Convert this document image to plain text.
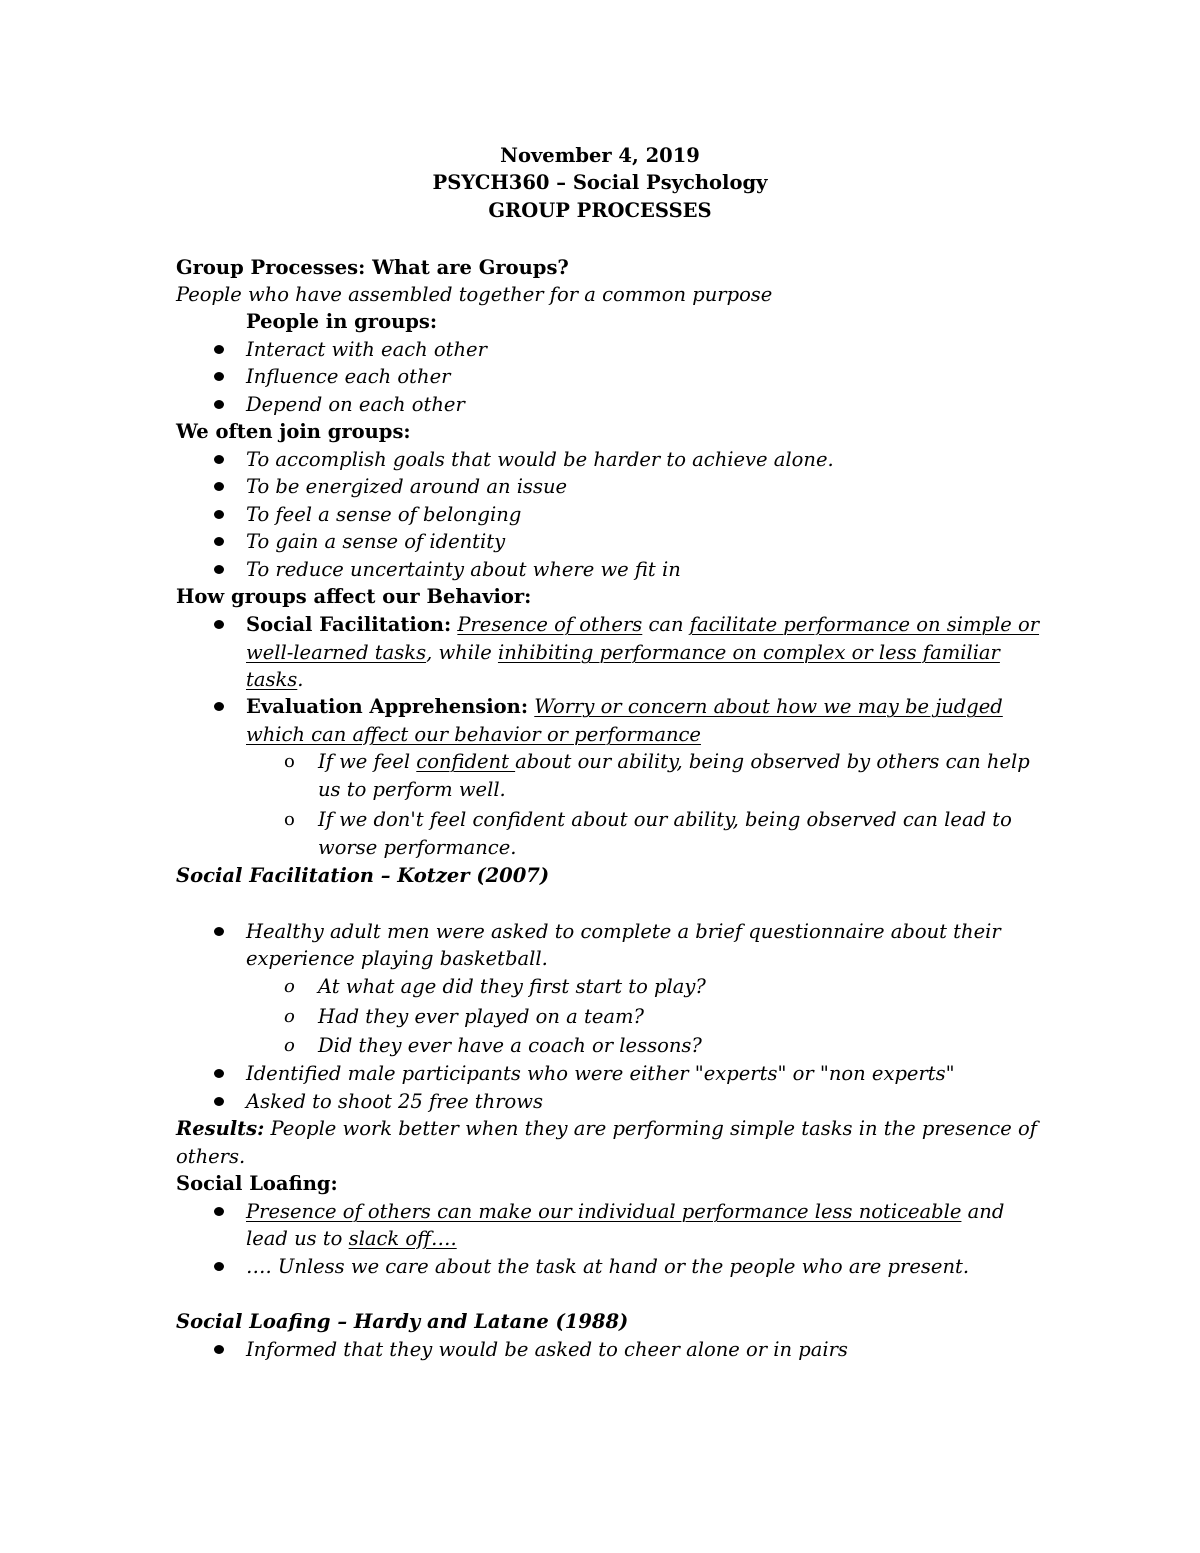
November 4, 2019
PSYCH360 – Social Psychology
GROUP PROCESSES
Group Processes: What are Groups?
People who have assembled together for a common purpose
People in groups:
Interact with each other
Influence each other
Depend on each other
We often join groups:
To accomplish goals that would be harder to achieve alone.
To be energized around an issue
To feel a sense of belonging
To gain a sense of identity
To reduce uncertainty about where we fit in
How groups affect our Behavior:
Social Facilitation: Presence of others can facilitate performance on simple or
well-learned tasks, while inhibiting performance on complex or less familiar
tasks.
Evaluation Apprehension: Worry or concern about how we may be judged
which can affect our behavior or performance
o If we feel confident about our ability, being observed by others can help
us to perform well.
o If we don't feel confident about our ability, being observed can lead to
worse performance.
Social Facilitation – Kotzer (2007)
Healthy adult men were asked to complete a brief questionnaire about their
experience playing basketball.
o At what age did they first start to play?
o Had they ever played on a team?
o Did they ever have a coach or lessons?
Identified male participants who were either "experts" or "non experts"
Asked to shoot 25 free throws
Results: People work better when they are performing simple tasks in the presence of
others.
Social Loafing:
Presence of others can make our individual performance less noticeable and
lead us to slack off….
…. Unless we care about the task at hand or the people who are present.
Social Loafing – Hardy and Latane (1988)
Informed that they would be asked to cheer alone or in pairs
